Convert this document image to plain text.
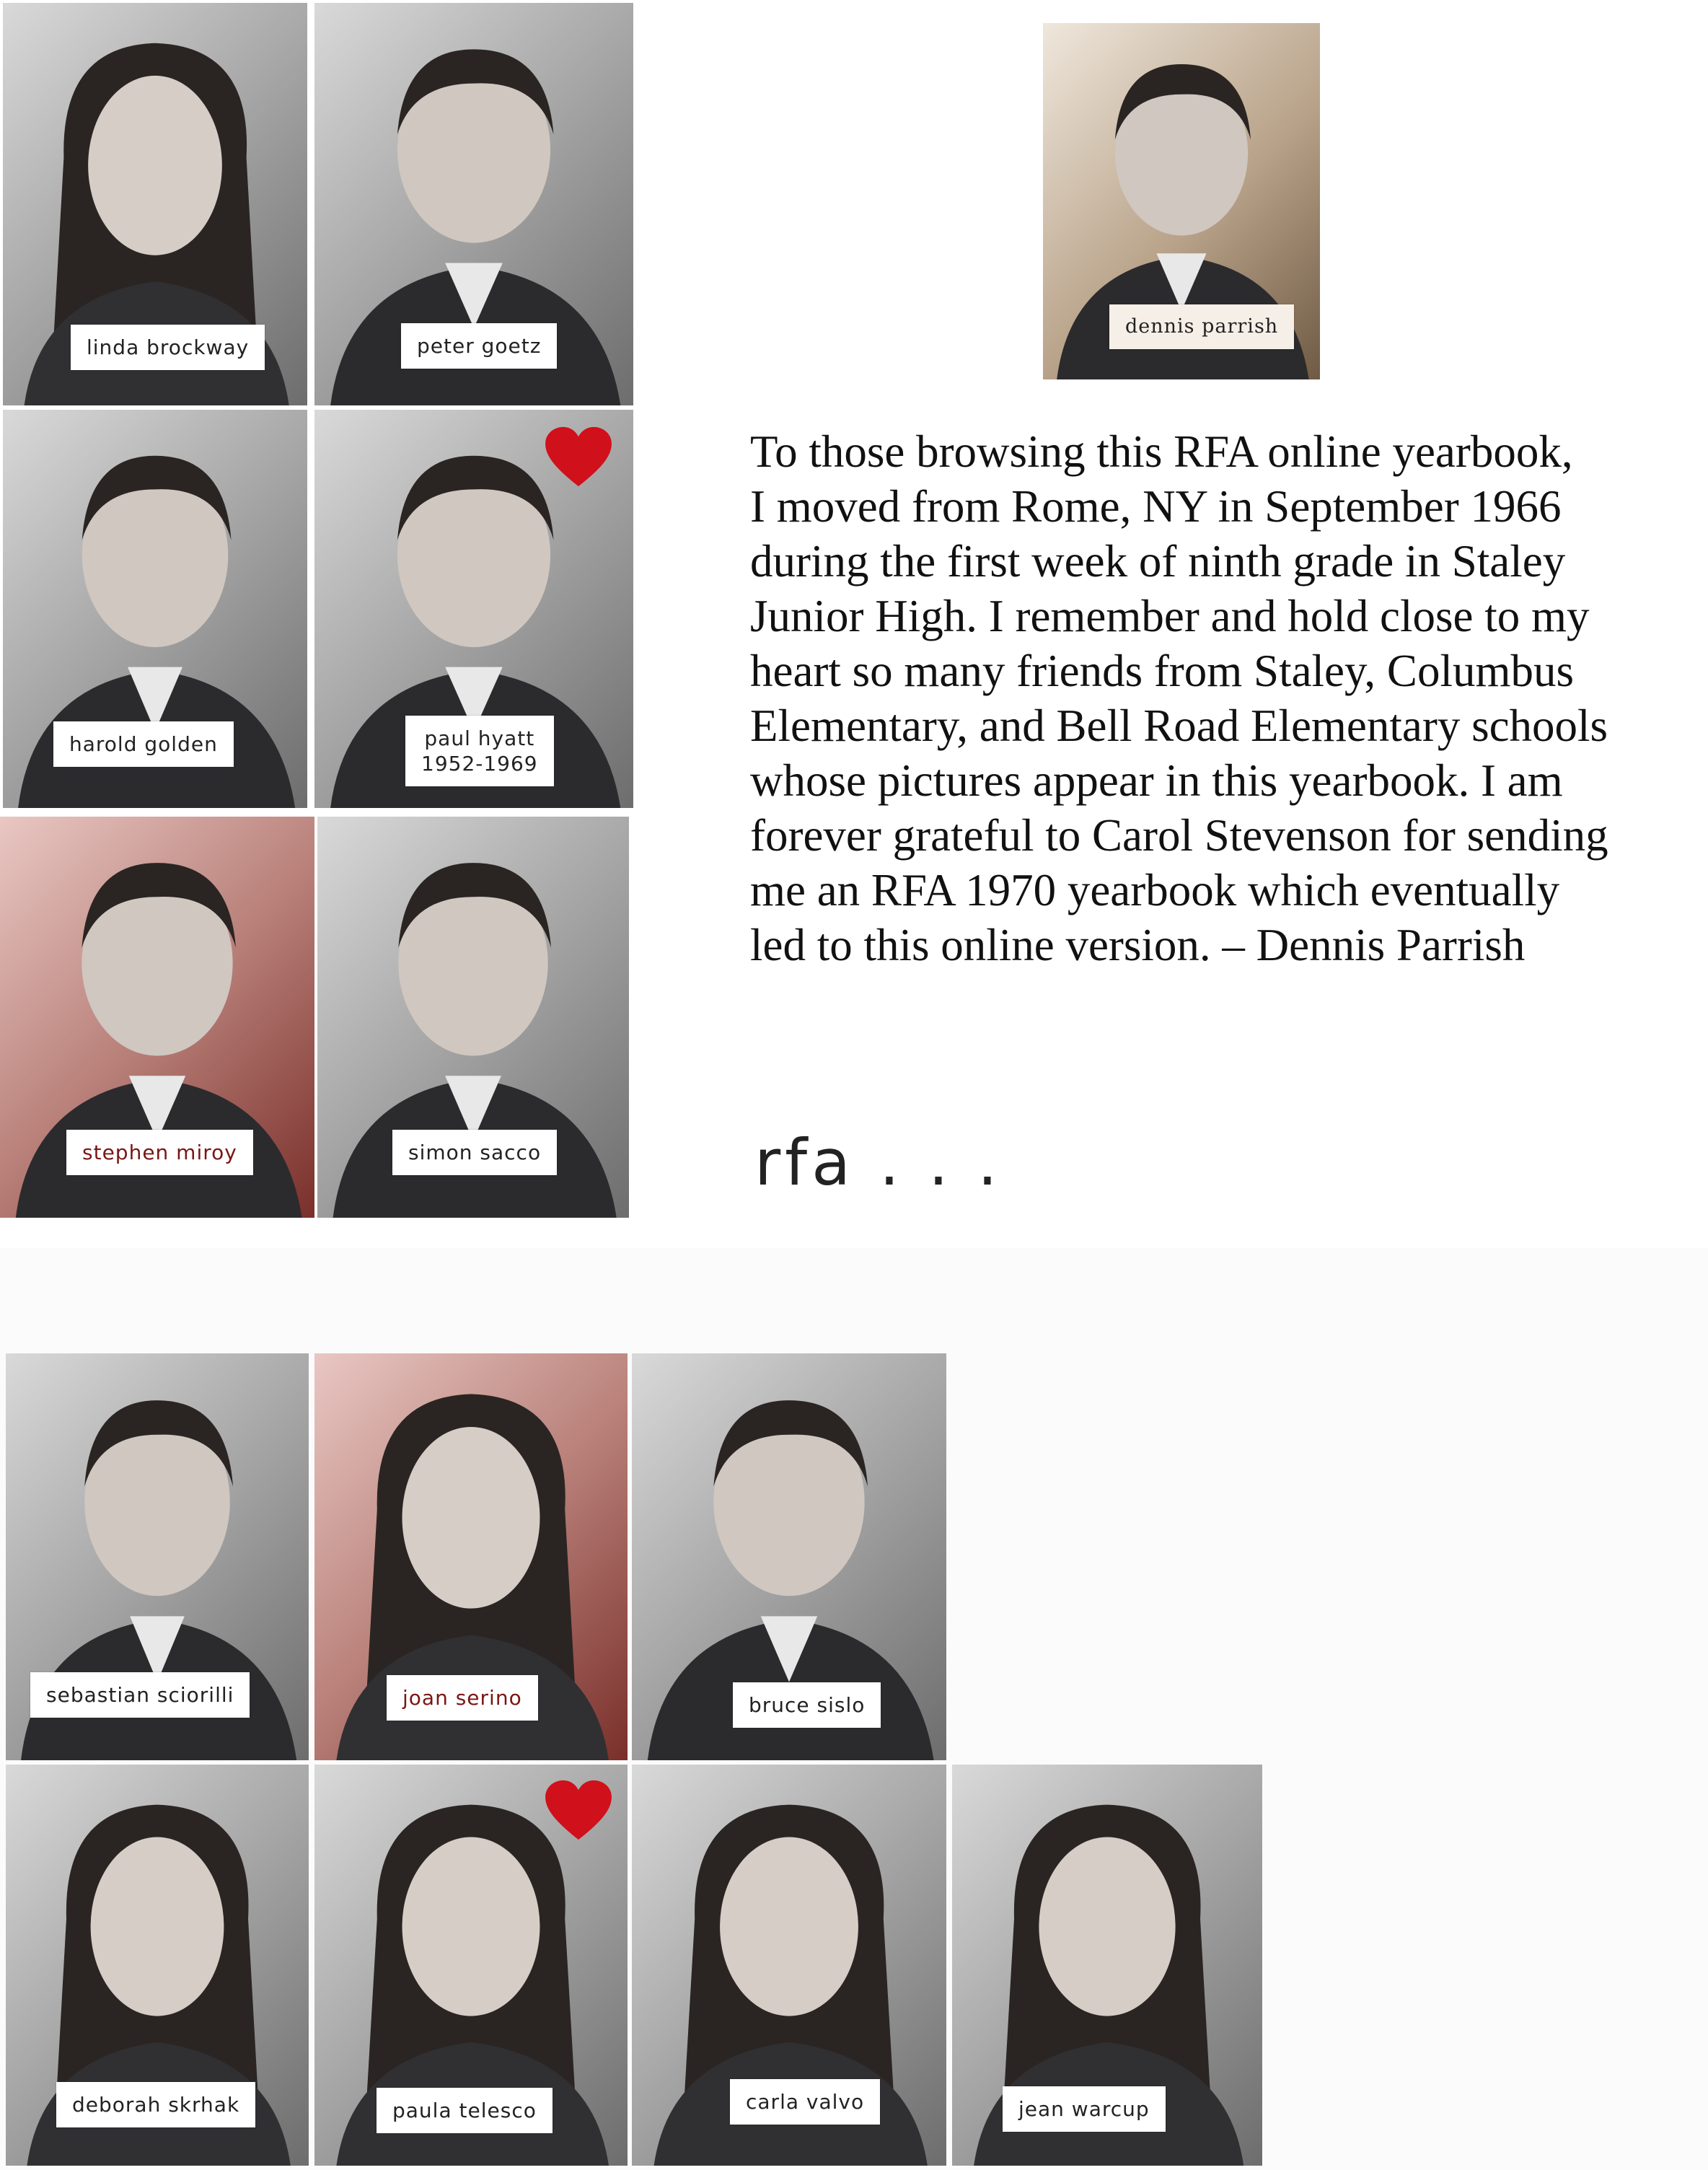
linda brockway	peter goetz
harold golden	paul hyatt
1952-1969
stephen miroy	simon sacco
dennis parrish
To those browsing this RFA online yearbook,
I moved from Rome, NY in September 1966
during the first week of ninth grade in Staley
Junior High. I remember and hold close to my
heart so many friends from Staley, Columbus
Elementary, and Bell Road Elementary schools
whose pictures appear in this yearbook. I am
forever grateful to Carol Stevenson for sending
me an RFA 1970 yearbook which eventually
led to this online version. – Dennis Parrish
rfa . . .
sebastian sciorilli	joan serino	bruce sislo
deborah skrhak	paula telesco	carla valvo	jean warcup
